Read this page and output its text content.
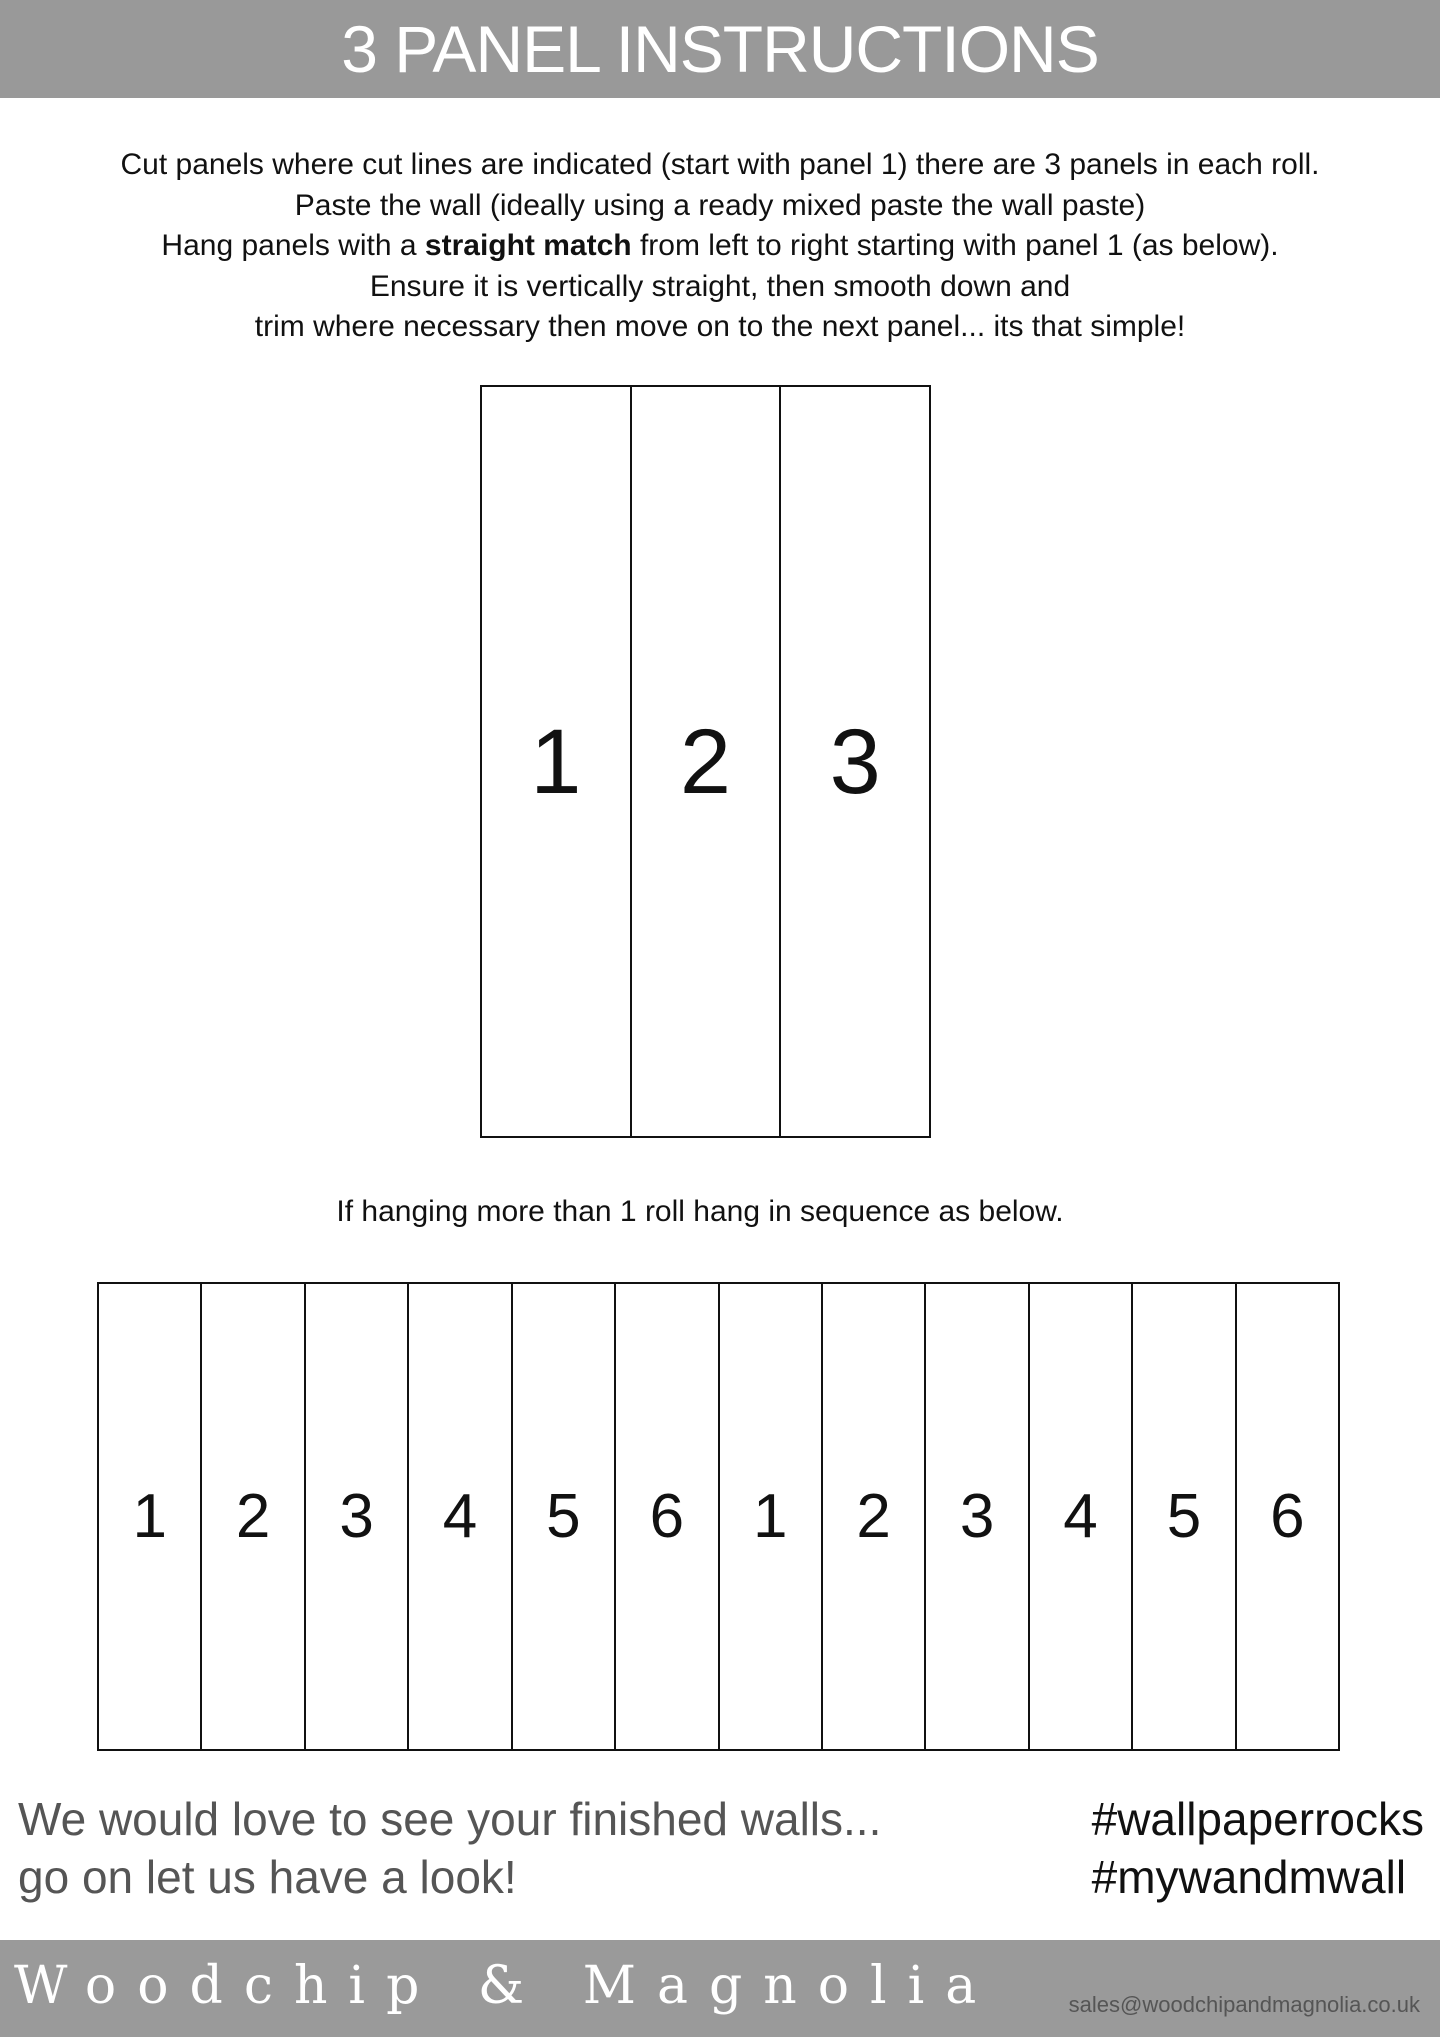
3 PANEL INSTRUCTIONS
Cut panels where cut lines are indicated (start with panel 1) there are 3 panels in each roll.
Paste the wall (ideally using a ready mixed paste the wall paste)
Hang panels with a straight match from left to right starting with panel 1 (as below).
Ensure it is vertically straight, then smooth down and
trim where necessary then move on to the next panel... its that simple!
1 2 3
If hanging more than 1 roll hang in sequence as below.
1 2 3 4 5 6 1 2 3 4 5 6
We would love to see your finished walls...
go on let us have a look!
#wallpaperrocks
#mywandmwall
Woodchip & Magnolia	sales@woodchipandmagnolia.co.uk
